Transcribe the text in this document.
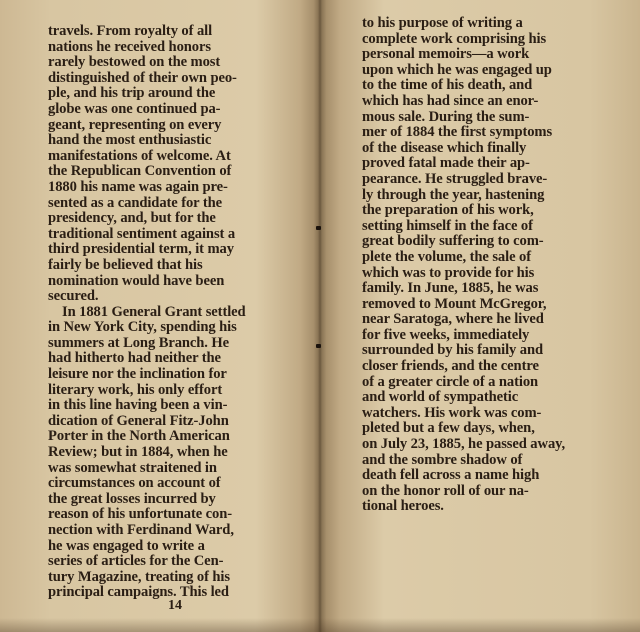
travels. From royalty of all
nations he received honors
rarely bestowed on the most
distinguished of their own peo-
ple, and his trip around the
globe was one continued pa-
geant, representing on every
hand the most enthusiastic
manifestations of welcome. At
the Republican Convention of
1880 his name was again pre-
sented as a candidate for the
presidency, and, but for the
traditional sentiment against a
third presidential term, it may
fairly be believed that his
nomination would have been
secured.
In 1881 General Grant settled
in New York City, spending his
summers at Long Branch. He
had hitherto had neither the
leisure nor the inclination for
literary work, his only effort
in this line having been a vin-
dication of General Fitz-John
Porter in the North American
Review; but in 1884, when he
was somewhat straitened in
circumstances on account of
the great losses incurred by
reason of his unfortunate con-
nection with Ferdinand Ward,
he was engaged to write a
series of articles for the Cen-
tury Magazine, treating of his
principal campaigns. This led
14
to his purpose of writing a
complete work comprising his
personal memoirs—a work
upon which he was engaged up
to the time of his death, and
which has had since an enor-
mous sale. During the sum-
mer of 1884 the first symptoms
of the disease which finally
proved fatal made their ap-
pearance. He struggled brave-
ly through the year, hastening
the preparation of his work,
setting himself in the face of
great bodily suffering to com-
plete the volume, the sale of
which was to provide for his
family. In June, 1885, he was
removed to Mount McGregor,
near Saratoga, where he lived
for five weeks, immediately
surrounded by his family and
closer friends, and the centre
of a greater circle of a nation
and world of sympathetic
watchers. His work was com-
pleted but a few days, when,
on July 23, 1885, he passed away,
and the sombre shadow of
death fell across a name high
on the honor roll of our na-
tional heroes.
